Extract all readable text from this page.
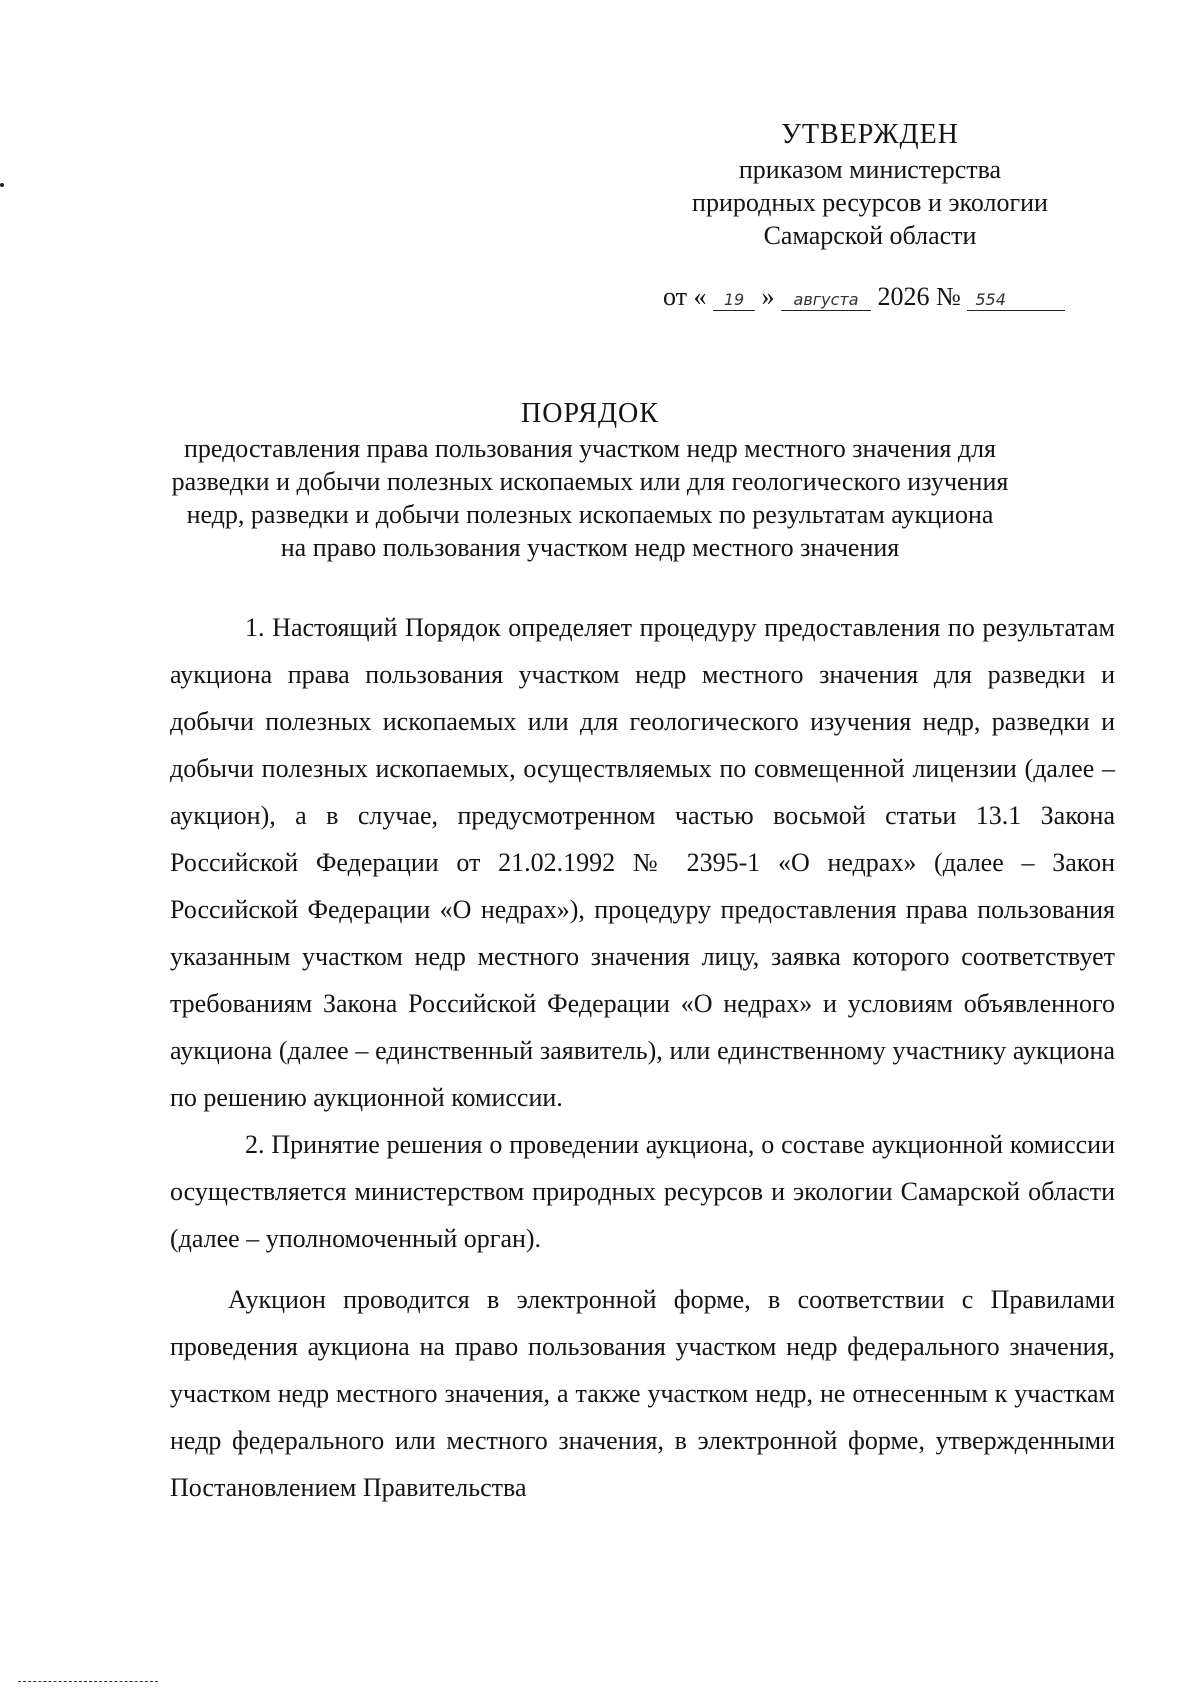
УТВЕРЖДЕН
приказом министерства
природных ресурсов и экологии
Самарской области
от « 19 » августа 2026 № 554
ПОРЯДОК
предоставления права пользования участком недр местного значения для
разведки и добычи полезных ископаемых или для геологического изучения
недр, разведки и добычи полезных ископаемых по результатам аукциона
на право пользования участком недр местного значения

1. Настоящий Порядок определяет процедуру предоставления по результатам аукциона права пользования участком недр местного значения для разведки и добычи полезных ископаемых или для геологического изучения недр, разведки и добычи полезных ископаемых, осуществляемых по совмещенной лицензии (далее – аукцион), а в случае, предусмотренном частью восьмой статьи 13.1 Закона Российской Федерации от 21.02.1992 № 2395-1 «О недрах» (далее – Закон Российской Федерации «О недрах»), процедуру предоставления права пользования указанным участком недр местного значения лицу, заявка которого соответствует требованиям Закона Российской Федерации «О недрах» и условиям объявленного аукциона (далее – единственный заявитель), или единственному участнику аукциона по решению аукционной комиссии.

2. Принятие решения о проведении аукциона, о составе аукционной комиссии осуществляется министерством природных ресурсов и экологии Самарской области (далее – уполномоченный орган).

Аукцион проводится в электронной форме, в соответствии с Правилами проведения аукциона на право пользования участком недр федерального значения, участком недр местного значения, а также участком недр, не отнесенным к участкам недр федерального или местного значения, в электронной форме, утвержденными Постановлением Правительства
